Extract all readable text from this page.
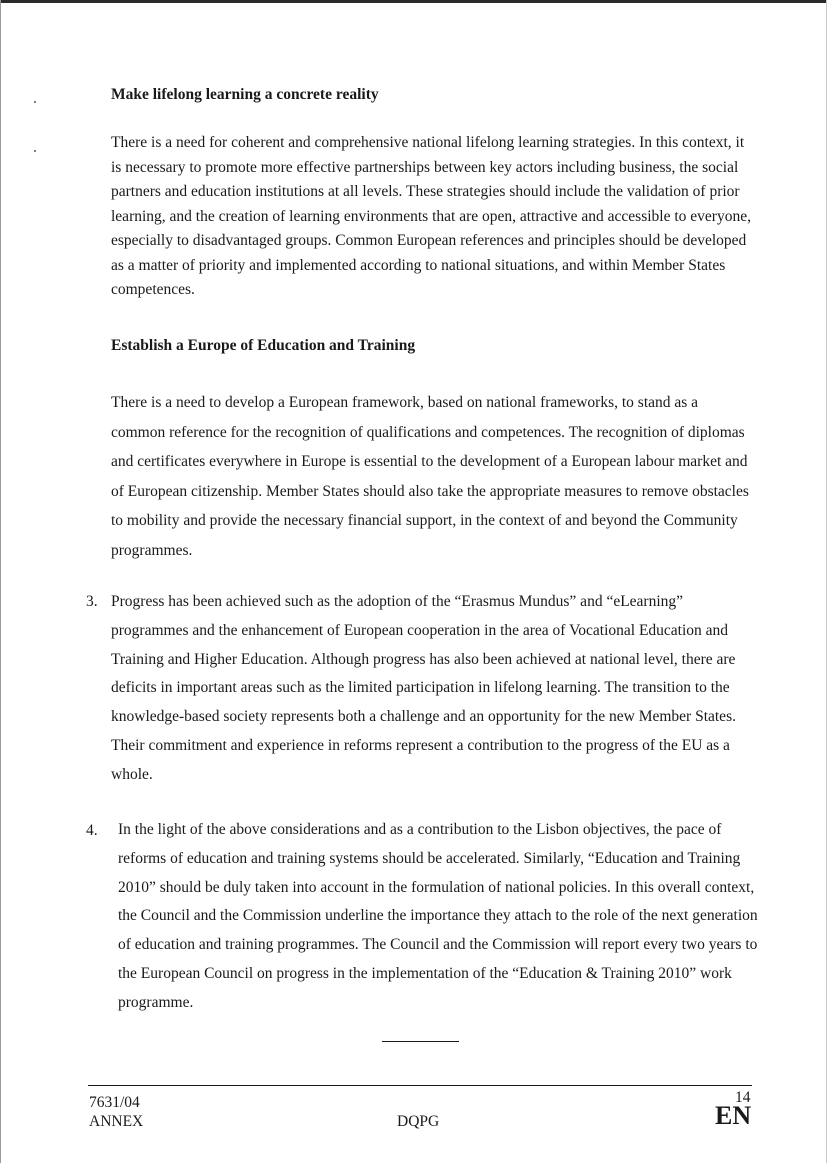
Make lifelong learning a concrete reality

There is a need for coherent and comprehensive national lifelong learning strategies. In this context, it is necessary to promote more effective partnerships between key actors including business, the social partners and education institutions at all levels. These strategies should include the validation of prior learning, and the creation of learning environments that are open, attractive and accessible to everyone, especially to disadvantaged groups. Common European references and principles should be developed as a matter of priority and implemented according to national situations, and within Member States competences.

Establish a Europe of Education and Training

There is a need to develop a European framework, based on national frameworks, to stand as a common reference for the recognition of qualifications and competences. The recognition of diplomas and certificates everywhere in Europe is essential to the development of a European labour market and of European citizenship. Member States should also take the appropriate measures to remove obstacles to mobility and provide the necessary financial support, in the context of and beyond the Community programmes.

3. Progress has been achieved such as the adoption of the “Erasmus Mundus” and “eLearning” programmes and the enhancement of European cooperation in the area of Vocational Education and Training and Higher Education. Although progress has also been achieved at national level, there are deficits in important areas such as the limited participation in lifelong learning. The transition to the knowledge-based society represents both a challenge and an opportunity for the new Member States. Their commitment and experience in reforms represent a contribution to the progress of the EU as a whole.

4. In the light of the above considerations and as a contribution to the Lisbon objectives, the pace of reforms of education and training systems should be accelerated. Similarly, “Education and Training 2010” should be duly taken into account in the formulation of national policies. In this overall context, the Council and the Commission underline the importance they attach to the role of the next generation of education and training programmes. The Council and the Commission will report every two years to the European Council on progress in the implementation of the “Education & Training 2010” work programme.

7631/04
ANNEX	DQPG
14
EN
